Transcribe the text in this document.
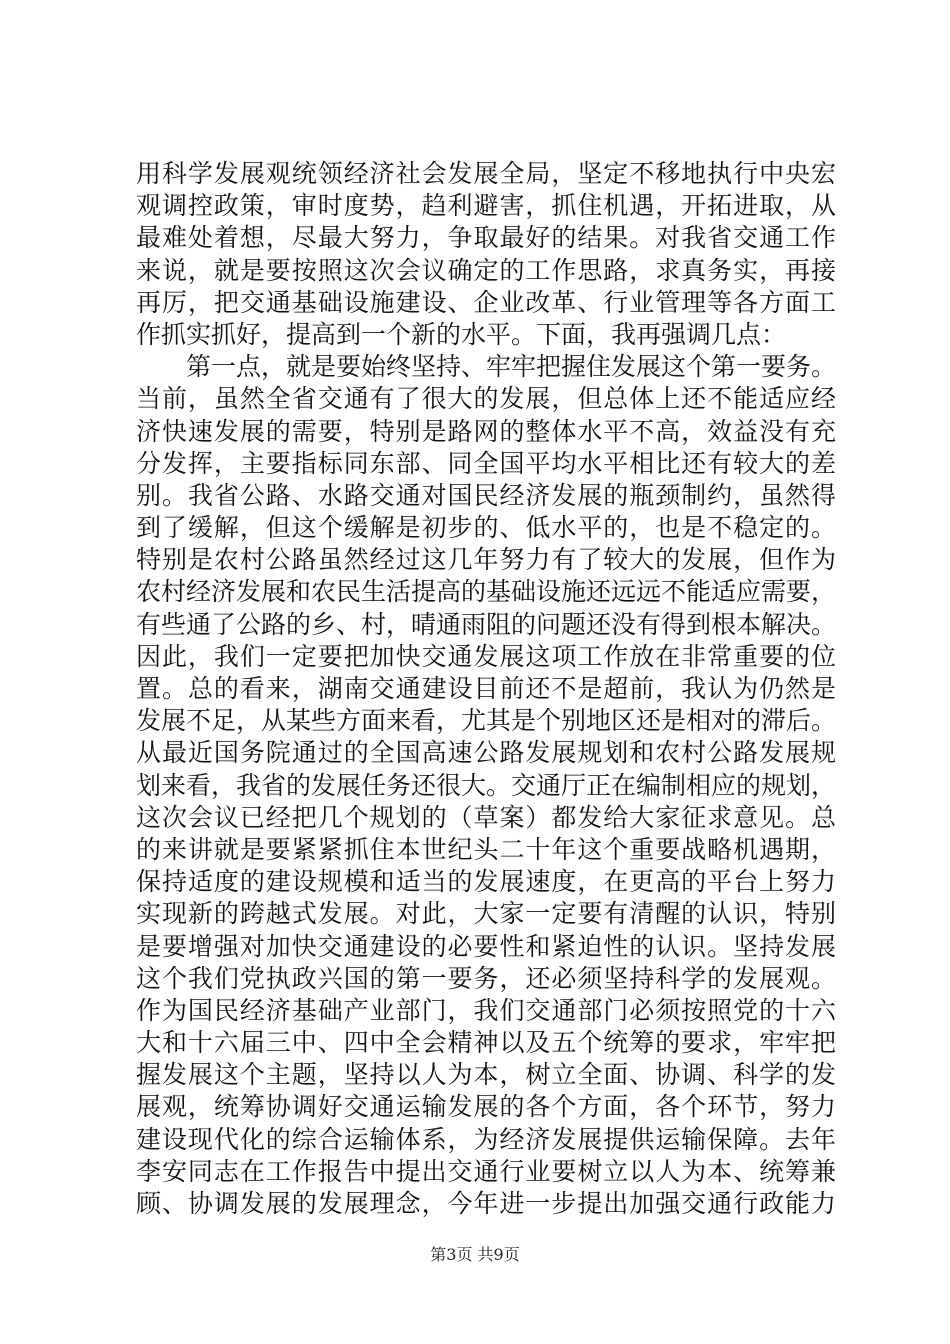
用科学发展观统领经济社会发展全局，坚定不移地执行中央宏
观调控政策，审时度势，趋利避害，抓住机遇，开拓进取，从
最难处着想，尽最大努力，争取最好的结果。对我省交通工作
来说，就是要按照这次会议确定的工作思路，求真务实，再接
再厉，把交通基础设施建设、企业改革、行业管理等各方面工
作抓实抓好，提高到一个新的水平。下面，我再强调几点：
第一点，就是要始终坚持、牢牢把握住发展这个第一要务。
当前，虽然全省交通有了很大的发展，但总体上还不能适应经
济快速发展的需要，特别是路网的整体水平不高，效益没有充
分发挥，主要指标同东部、同全国平均水平相比还有较大的差
别。我省公路、水路交通对国民经济发展的瓶颈制约，虽然得
到了缓解，但这个缓解是初步的、低水平的，也是不稳定的。
特别是农村公路虽然经过这几年努力有了较大的发展，但作为
农村经济发展和农民生活提高的基础设施还远远不能适应需要，
有些通了公路的乡、村，晴通雨阻的问题还没有得到根本解决。
因此，我们一定要把加快交通发展这项工作放在非常重要的位
置。总的看来，湖南交通建设目前还不是超前，我认为仍然是
发展不足，从某些方面来看，尤其是个别地区还是相对的滞后。
从最近国务院通过的全国高速公路发展规划和农村公路发展规
划来看，我省的发展任务还很大。交通厅正在编制相应的规划，
这次会议已经把几个规划的（草案）都发给大家征求意见。总
的来讲就是要紧紧抓住本世纪头二十年这个重要战略机遇期，
保持适度的建设规模和适当的发展速度，在更高的平台上努力
实现新的跨越式发展。对此，大家一定要有清醒的认识，特别
是要增强对加快交通建设的必要性和紧迫性的认识。坚持发展
这个我们党执政兴国的第一要务，还必须坚持科学的发展观。
作为国民经济基础产业部门，我们交通部门必须按照党的十六
大和十六届三中、四中全会精神以及五个统筹的要求，牢牢把
握发展这个主题，坚持以人为本，树立全面、协调、科学的发
展观，统筹协调好交通运输发展的各个方面，各个环节，努力
建设现代化的综合运输体系，为经济发展提供运输保障。去年
李安同志在工作报告中提出交通行业要树立以人为本、统筹兼
顾、协调发展的发展理念，今年进一步提出加强交通行政能力
第3页 共9页
